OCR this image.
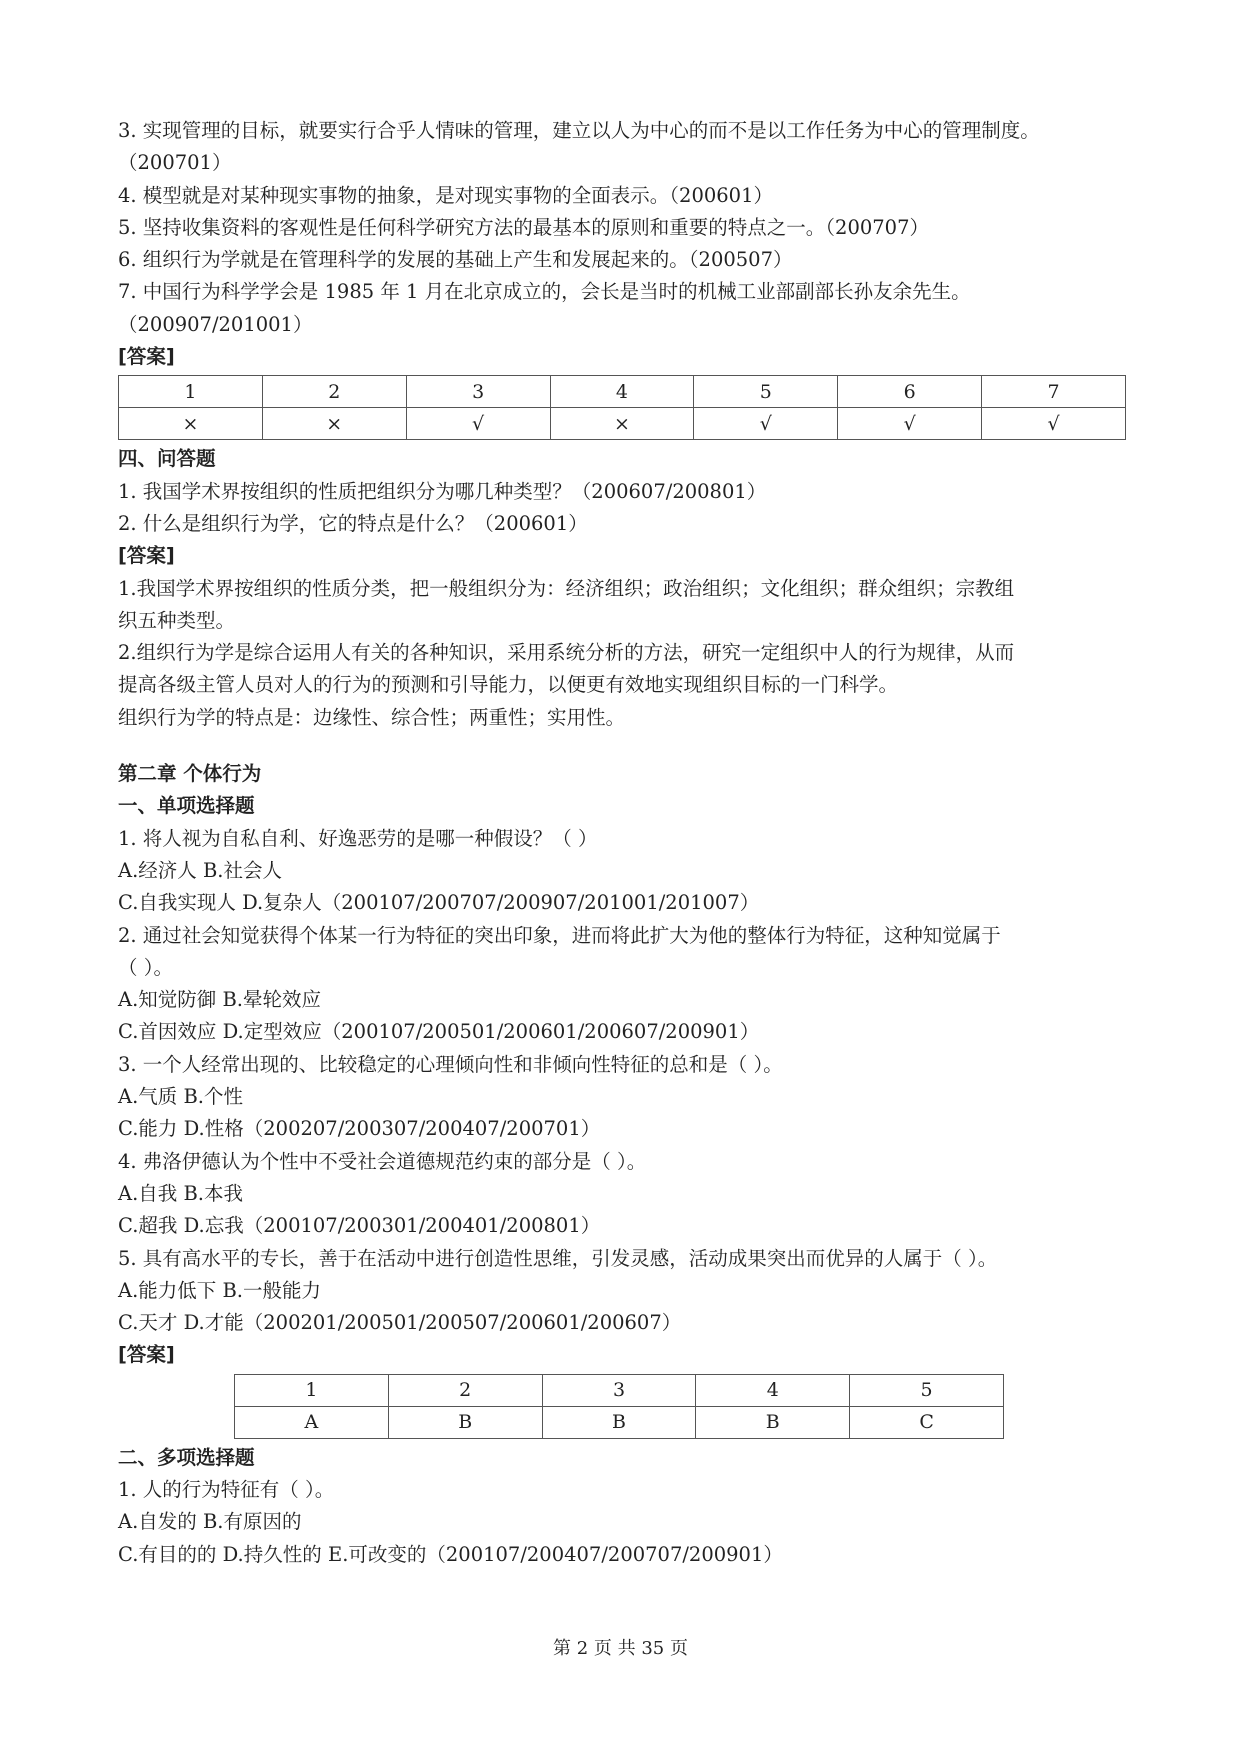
3. 实现管理的目标，就要实行合乎人情味的管理，建立以人为中心的而不是以工作任务为中心的管理制度。
（200701）
4. 模型就是对某种现实事物的抽象，是对现实事物的全面表示。（200601）
5. 坚持收集资料的客观性是任何科学研究方法的最基本的原则和重要的特点之一。（200707）
6. 组织行为学就是在管理科学的发展的基础上产生和发展起来的。（200507）
7. 中国行为科学学会是 1985 年 1 月在北京成立的，会长是当时的机械工业部副部长孙友余先生。
（200907/201001）
[答案]
1	2	3	4	5	6	7
×	×	√	×	√	√	√
四、问答题
1. 我国学术界按组织的性质把组织分为哪几种类型？（200607/200801）
2. 什么是组织行为学，它的特点是什么？（200601）
[答案]
1.我国学术界按组织的性质分类，把一般组织分为：经济组织；政治组织；文化组织；群众组织；宗教组
织五种类型。
2.组织行为学是综合运用人有关的各种知识，采用系统分析的方法，研究一定组织中人的行为规律，从而
提高各级主管人员对人的行为的预测和引导能力，以便更有效地实现组织目标的一门科学。
组织行为学的特点是：边缘性、综合性；两重性；实用性。
第二章 个体行为
一、单项选择题
1. 将人视为自私自利、好逸恶劳的是哪一种假设？（ ）
A.经济人 B.社会人
C.自我实现人 D.复杂人（200107/200707/200907/201001/201007）
2. 通过社会知觉获得个体某一行为特征的突出印象，进而将此扩大为他的整体行为特征，这种知觉属于
（ ）。
A.知觉防御 B.晕轮效应
C.首因效应 D.定型效应（200107/200501/200601/200607/200901）
3. 一个人经常出现的、比较稳定的心理倾向性和非倾向性特征的总和是（ ）。
A.气质 B.个性
C.能力 D.性格（200207/200307/200407/200701）
4. 弗洛伊德认为个性中不受社会道德规范约束的部分是（ ）。
A.自我 B.本我
C.超我 D.忘我（200107/200301/200401/200801）
5. 具有高水平的专长，善于在活动中进行创造性思维，引发灵感，活动成果突出而优异的人属于（ ）。
A.能力低下 B.一般能力
C.天才 D.才能（200201/200501/200507/200601/200607）
[答案]
1	2	3	4	5
A	B	B	B	C
二、多项选择题
1. 人的行为特征有（ ）。
A.自发的 B.有原因的
C.有目的的 D.持久性的 E.可改变的（200107/200407/200707/200901）
第 2 页 共 35 页
